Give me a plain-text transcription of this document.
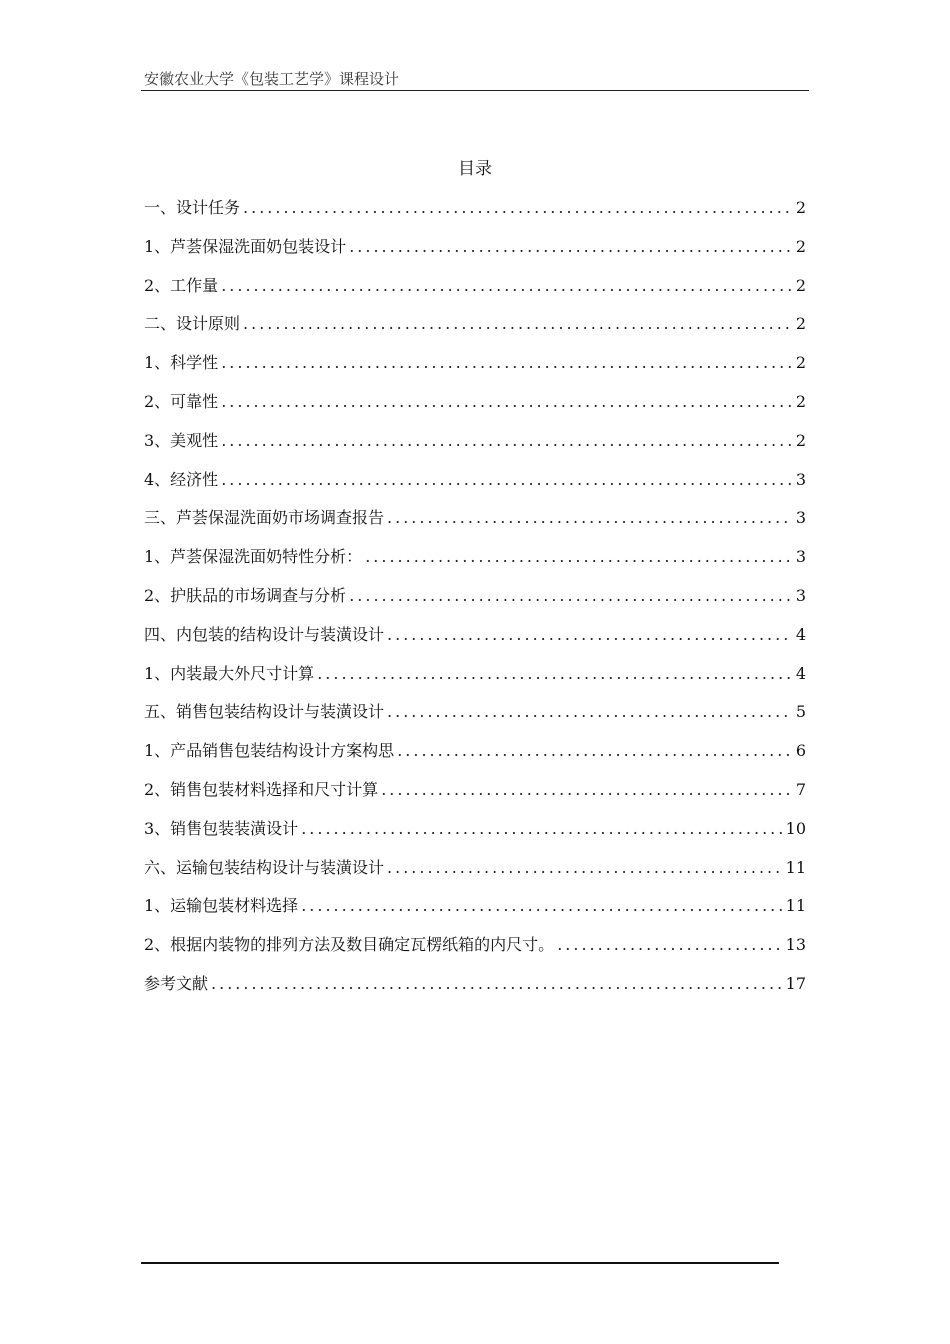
安徽农业大学《包装工艺学》课程设计
目录
一、设计任务 .....	2
1、芦荟保湿洗面奶包装设计 .....	2
2、工作量 .....	2
二、设计原则 .....	2
1、科学性 .....	2
2、可靠性 .....	2
3、美观性 .....	2
4、经济性 .....	3
三、芦荟保湿洗面奶市场调查报告 .....	3
1、芦荟保湿洗面奶特性分析： .....	3
2、护肤品的市场调查与分析 .....	3
四、内包装的结构设计与装潢设计 .....	4
1、内装最大外尺寸计算 .....	4
五、销售包装结构设计与装潢设计 .....	5
1、产品销售包装结构设计方案构思 .....	6
2、销售包装材料选择和尺寸计算 .....	7
3、销售包装装潢设计 .....	10
六、运输包装结构设计与装潢设计 .....	11
1、运输包装材料选择 .....	11
2、根据内装物的排列方法及数目确定瓦楞纸箱的内尺寸。 .....	13
参考文献 .....	17
